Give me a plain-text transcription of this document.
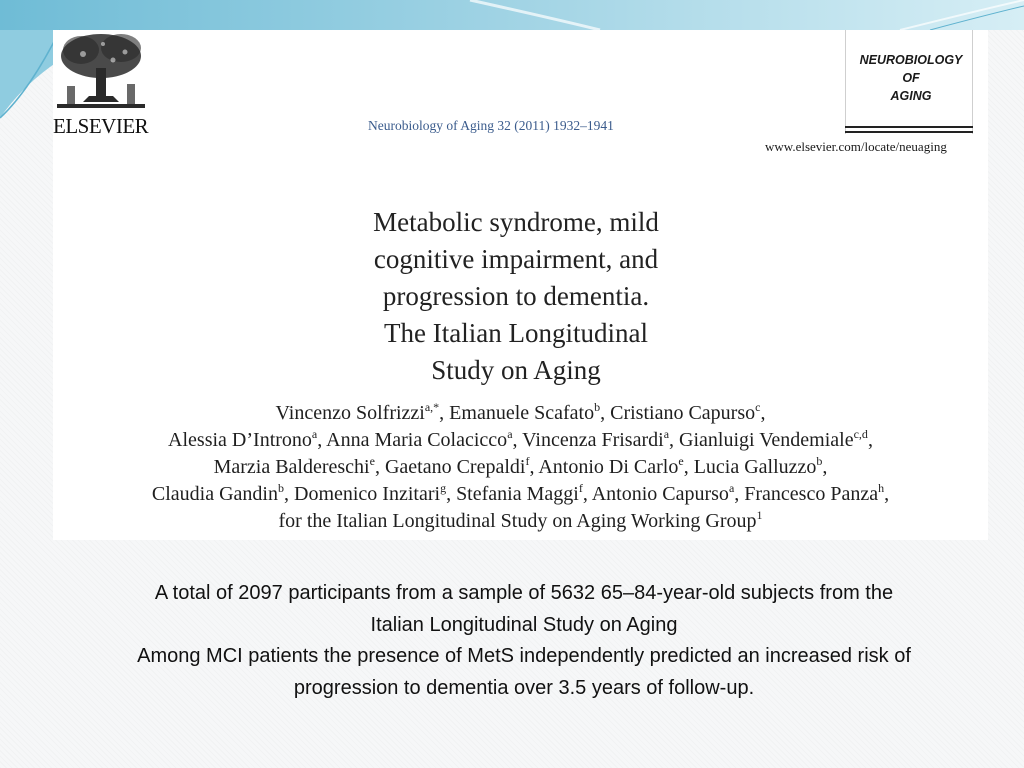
ELSEVIER	Neurobiology of Aging 32 (2011) 1932–1941
NEUROBIOLOGY
OF
AGING
www.elsevier.com/locate/neuaging
Metabolic syndrome, mild
cognitive impairment, and
progression to dementia.
The Italian Longitudinal
Study on Aging
Vincenzo Solfrizzi$^{a,*}$, Emanuele Scafato$^b$, Cristiano Capurso$^c$,
Alessia D’Introno$^a$, Anna Maria Colacicco$^a$, Vincenza Frisardi$^a$, Gianluigi Vendemiale$^{c,d}$,
Marzia Baldereschi$^e$, Gaetano Crepaldi$^f$, Antonio Di Carlo$^e$, Lucia Galluzzo$^b$,
Claudia Gandin$^b$, Domenico Inzitari$^g$, Stefania Maggi$^f$, Antonio Capurso$^a$, Francesco Panza$^h$,
for the Italian Longitudinal Study on Aging Working Group$^1$
A total of 2097 participants from a sample of 5632 65–84-year-old subjects from the
Italian Longitudinal Study on Aging
Among MCI patients the presence of MetS independently predicted an increased risk of
progression to dementia over 3.5 years of follow-up.
